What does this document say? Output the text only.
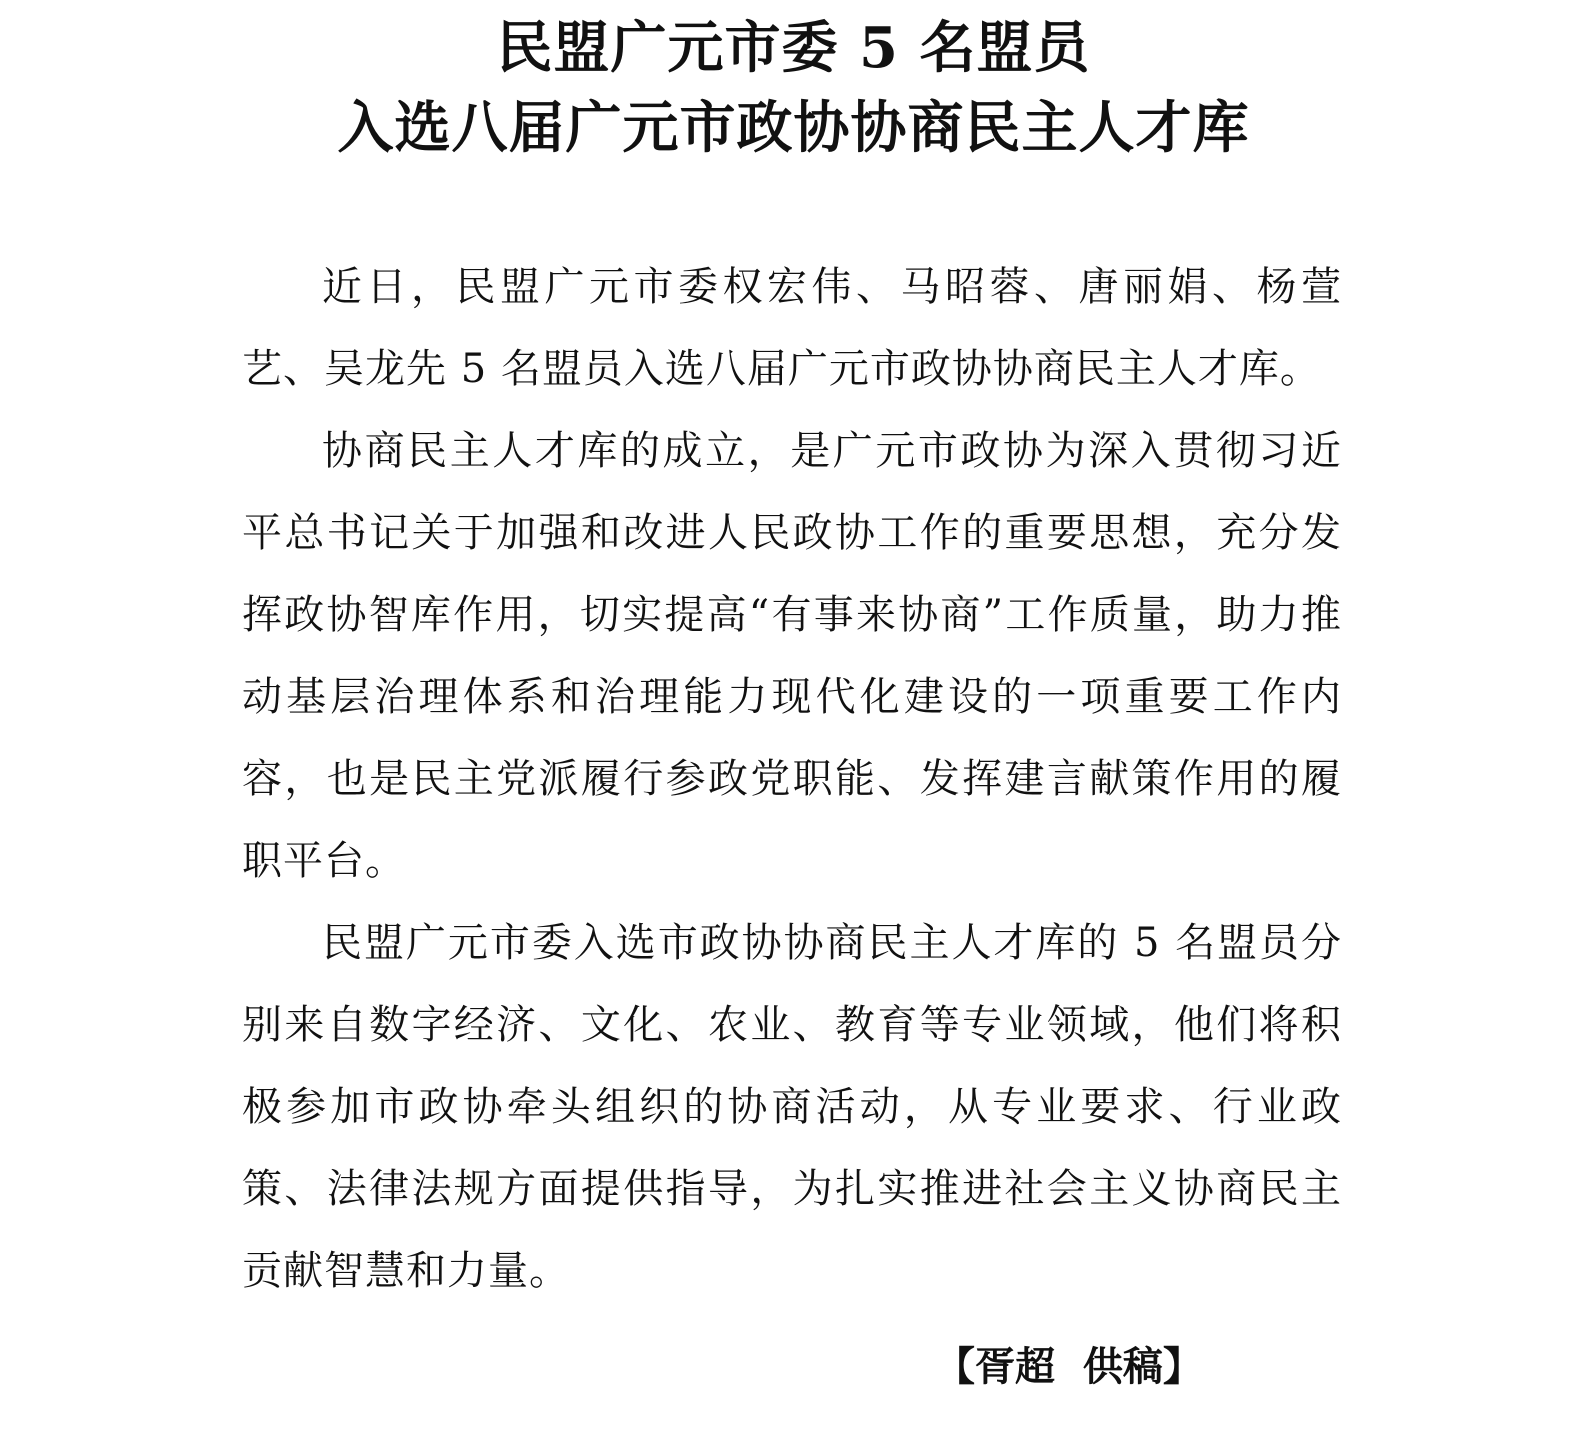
民盟广元市委 5 名盟员
入选八届广元市政协协商民主人才库

近日，民盟广元市委权宏伟、马昭蓉、唐丽娟、杨萱艺、吴龙先 5 名盟员入选八届广元市政协协商民主人才库。

协商民主人才库的成立，是广元市政协为深入贯彻习近平总书记关于加强和改进人民政协工作的重要思想，充分发挥政协智库作用，切实提高“有事来协商”工作质量，助力推动基层治理体系和治理能力现代化建设的一项重要工作内容，也是民主党派履行参政党职能、发挥建言献策作用的履职平台。

民盟广元市委入选市政协协商民主人才库的 5 名盟员分别来自数字经济、文化、农业、教育等专业领域，他们将积极参加市政协牵头组织的协商活动，从专业要求、行业政策、法律法规方面提供指导，为扎实推进社会主义协商民主贡献智慧和力量。

【胥超  供稿】
